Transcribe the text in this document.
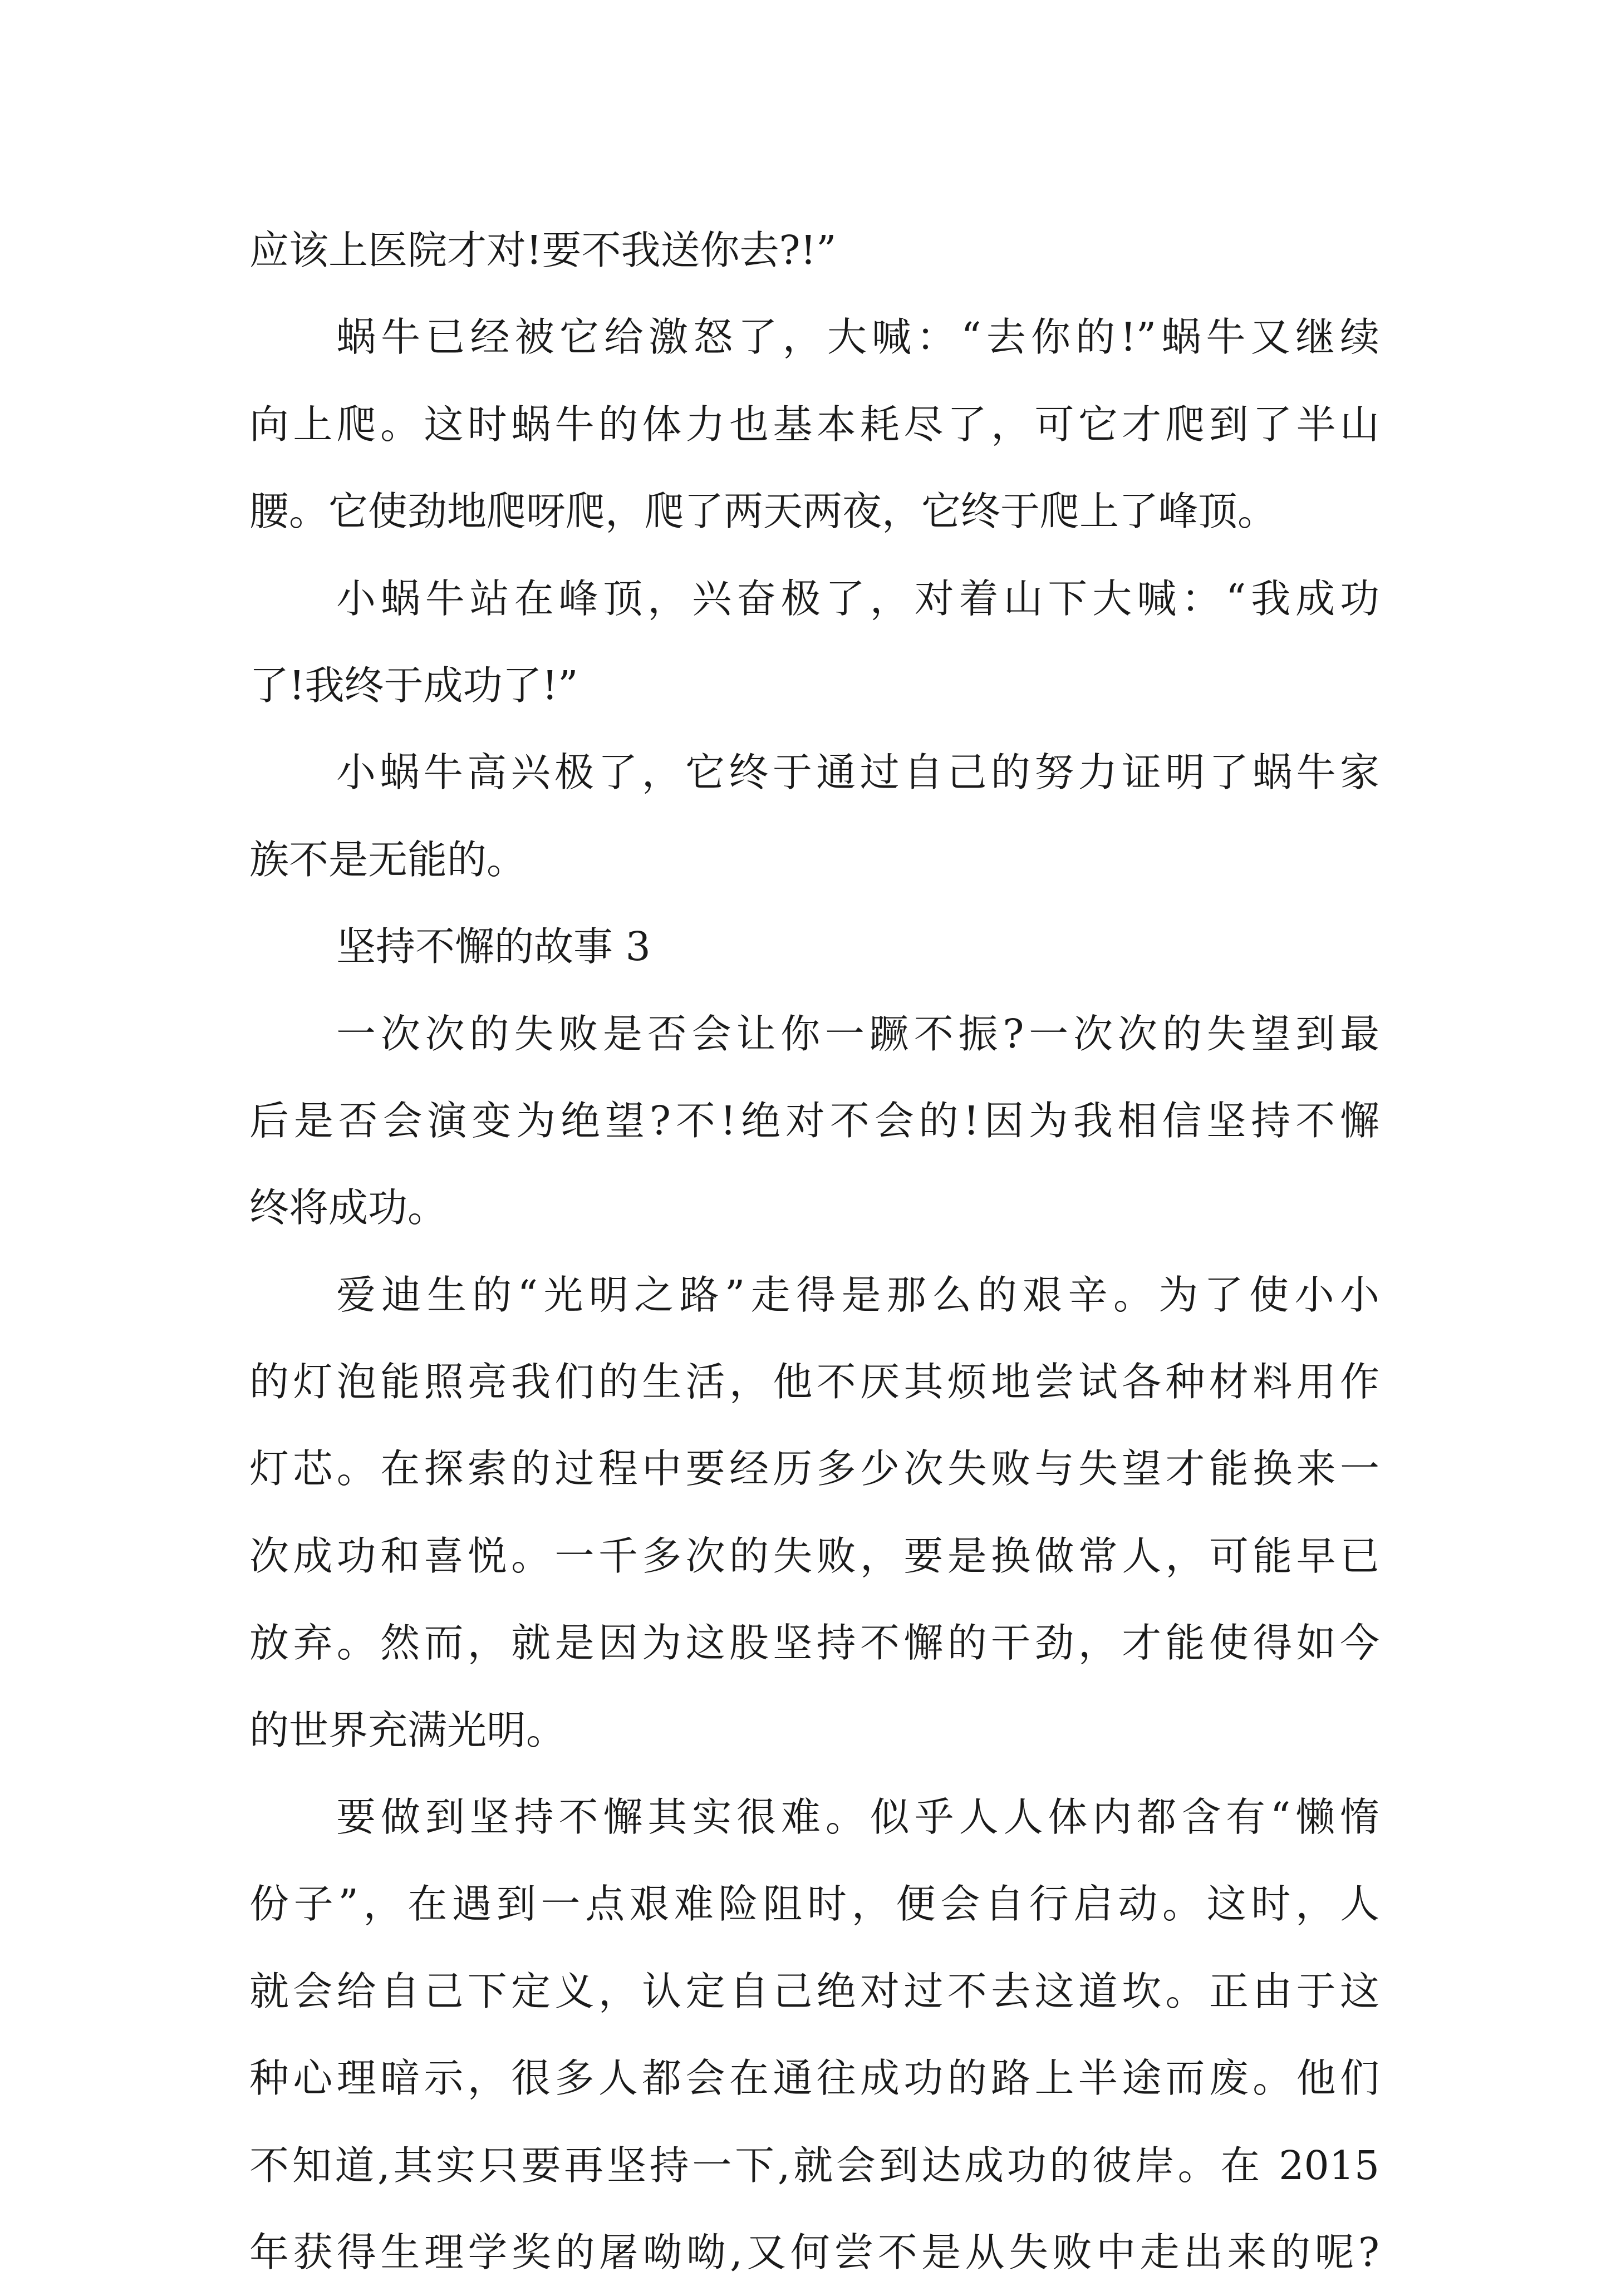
应该上医院才对!要不我送你去?!”
蜗牛已经被它给激怒了，大喊：“去你的!”蜗牛又继续
向上爬。这时蜗牛的体力也基本耗尽了，可它才爬到了半山
腰。它使劲地爬呀爬，爬了两天两夜，它终于爬上了峰顶。
小蜗牛站在峰顶，兴奋极了，对着山下大喊：“我成功
了!我终于成功了!”
小蜗牛高兴极了，它终于通过自己的努力证明了蜗牛家
族不是无能的。
坚持不懈的故事 3
一次次的失败是否会让你一蹶不振?一次次的失望到最
后是否会演变为绝望?不!绝对不会的!因为我相信坚持不懈
终将成功。
爱迪生的“光明之路”走得是那么的艰辛。为了使小小
的灯泡能照亮我们的生活，他不厌其烦地尝试各种材料用作
灯芯。在探索的过程中要经历多少次失败与失望才能换来一
次成功和喜悦。一千多次的失败，要是换做常人，可能早已
放弃。然而，就是因为这股坚持不懈的干劲，才能使得如今
的世界充满光明。
要做到坚持不懈其实很难。似乎人人体内都含有“懒惰
份子”，在遇到一点艰难险阻时，便会自行启动。这时，人
就会给自己下定义，认定自己绝对过不去这道坎。正由于这
种心理暗示，很多人都会在通往成功的路上半途而废。他们
不知道,其实只要再坚持一下,就会到达成功的彼岸。在 2015
年获得生理学奖的屠呦呦,又何尝不是从失败中走出来的呢?
